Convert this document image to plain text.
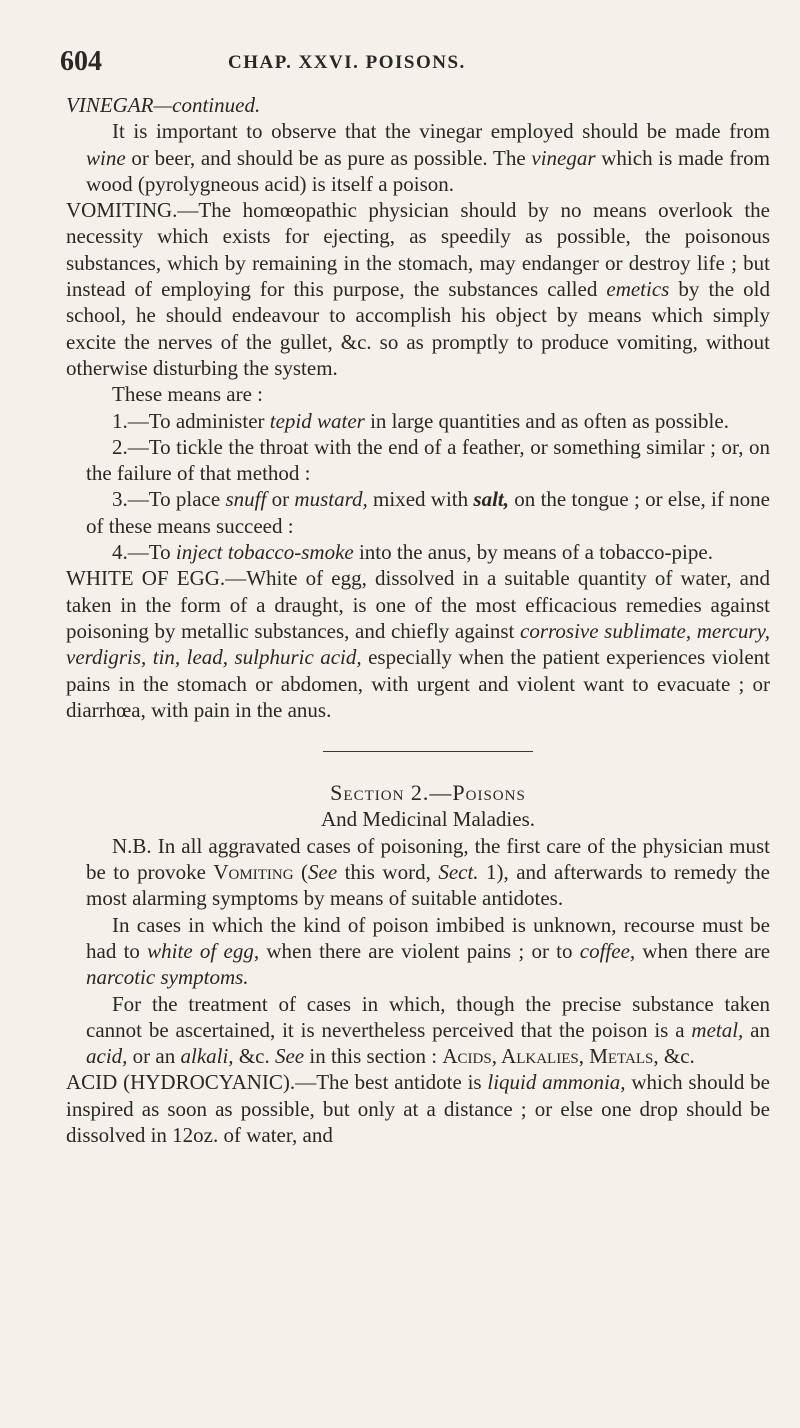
604	CHAP. XXVI. POISONS.

VINEGAR—continued.

It is important to observe that the vinegar employed should be made from wine or beer, and should be as pure as possible. The vinegar which is made from wood (pyrolygneous acid) is itself a poison.

VOMITING.—The homœopathic physician should by no means overlook the necessity which exists for ejecting, as speedily as possible, the poisonous substances, which by remaining in the stomach, may endanger or destroy life ; but instead of employing for this purpose, the substances called emetics by the old school, he should endeavour to accomplish his object by means which simply excite the nerves of the gullet, &c. so as promptly to produce vomiting, without otherwise disturbing the system.

These means are :

1.—To administer tepid water in large quantities and as often as possible.

2.—To tickle the throat with the end of a feather, or something similar ; or, on the failure of that method :

3.—To place snuff or mustard, mixed with salt, on the tongue ; or else, if none of these means succeed :

4.—To inject tobacco-smoke into the anus, by means of a tobacco-pipe.

WHITE OF EGG.—White of egg, dissolved in a suitable quantity of water, and taken in the form of a draught, is one of the most efficacious remedies against poisoning by metallic substances, and chiefly against corrosive sublimate, mercury, verdigris, tin, lead, sulphuric acid, especially when the patient experiences violent pains in the stomach or abdomen, with urgent and violent want to evacuate ; or diarrhœa, with pain in the anus.

Section 2.—Poisons

And Medicinal Maladies.

N.B. In all aggravated cases of poisoning, the first care of the physician must be to provoke Vomiting (See this word, Sect. 1), and afterwards to remedy the most alarming symptoms by means of suitable antidotes.

In cases in which the kind of poison imbibed is unknown, recourse must be had to white of egg, when there are violent pains ; or to coffee, when there are narcotic symptoms.

For the treatment of cases in which, though the precise substance taken cannot be ascertained, it is nevertheless perceived that the poison is a metal, an acid, or an alkali, &c. See in this section : Acids, Alkalies, Metals, &c.

ACID (HYDROCYANIC).—The best antidote is liquid ammonia, which should be inspired as soon as possible, but only at a distance ; or else one drop should be dissolved in 12oz. of water, and
